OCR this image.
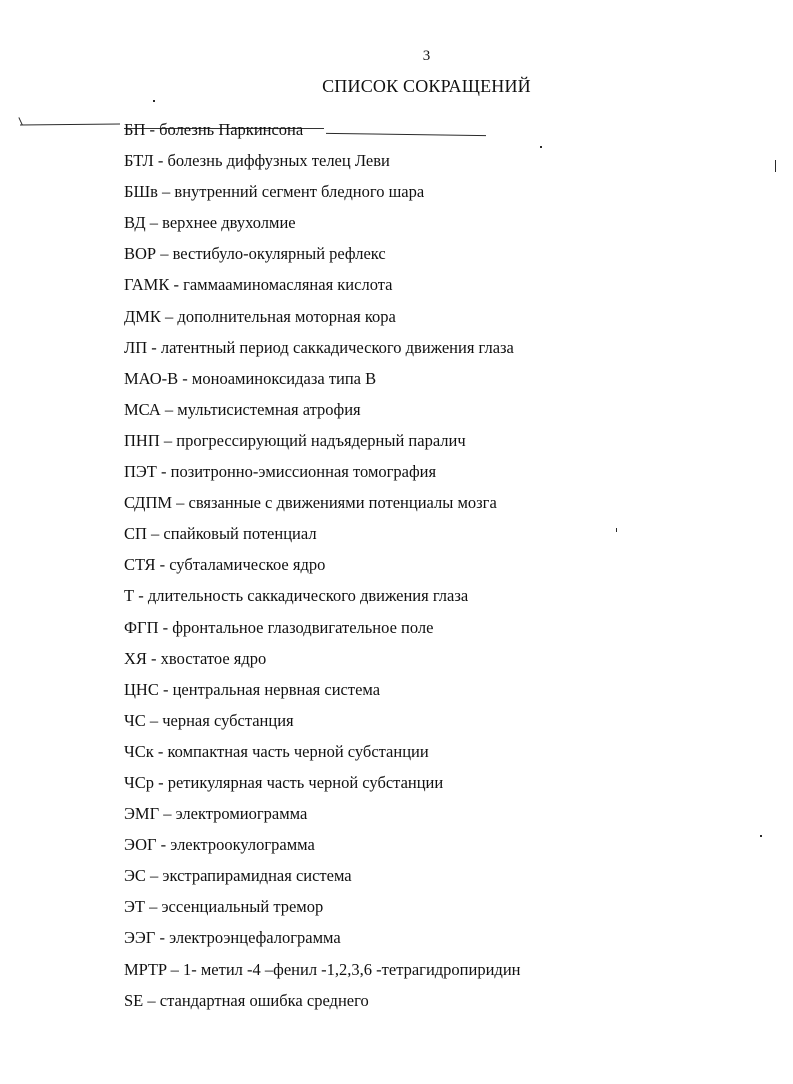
3
СПИСОК СОКРАЩЕНИЙ
БП - болезнь Паркинсона
БТЛ - болезнь диффузных телец Леви
БШв – внутренний сегмент бледного шара
ВД – верхнее двухолмие
ВОР – вестибуло-окулярный рефлекс
ГАМК - гаммааминомасляная кислота
ДМК – дополнительная моторная кора
ЛП - латентный период саккадического движения глаза
МАО-В - моноаминоксидаза типа В
МСА – мультисистемная атрофия
ПНП – прогрессирующий надъядерный паралич
ПЭТ - позитронно-эмиссионная томография
СДПМ – связанные с движениями потенциалы мозга
СП – спайковый потенциал
СТЯ - субталамическое ядро
Т - длительность саккадического движения глаза
ФГП - фронтальное глазодвигательное поле
ХЯ - хвостатое ядро
ЦНС - центральная нервная система
ЧС – черная субстанция
ЧСк - компактная часть черной субстанции
ЧСр - ретикулярная часть черной субстанции
ЭМГ – электромиограмма
ЭОГ - электроокулограмма
ЭС – экстрапирамидная система
ЭТ – эссенциальный тремор
ЭЭГ - электроэнцефалограмма
MPTP – 1- метил -4 –фенил -1,2,3,6 -тетрагидропиридин
SE – стандартная ошибка среднего
